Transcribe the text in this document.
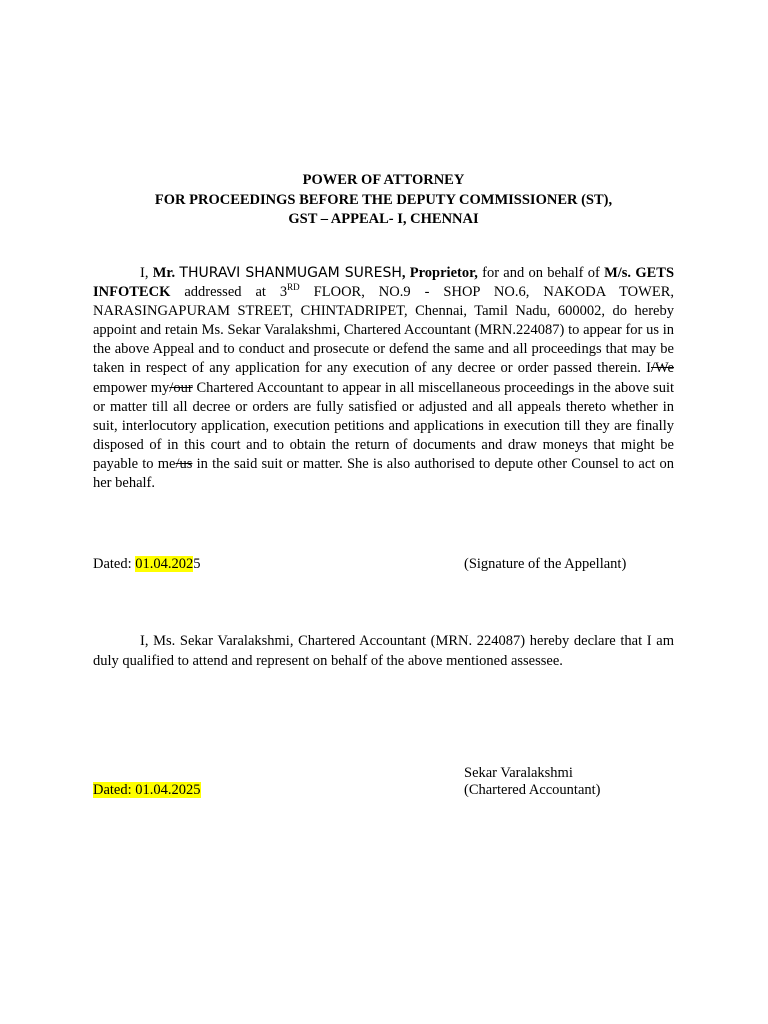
POWER OF ATTORNEY
FOR PROCEEDINGS BEFORE THE DEPUTY COMMISSIONER (ST),
GST – APPEAL- I, CHENNAI
I, Mr. THURAVI SHANMUGAM SURESH, Proprietor, for and on behalf of M/s. GETS INFOTECK addressed at 3RD FLOOR, NO.9 - SHOP NO.6, NAKODA TOWER, NARASINGAPURAM STREET, CHINTADRIPET, Chennai, Tamil Nadu, 600002, do hereby appoint and retain Ms. Sekar Varalakshmi, Chartered Accountant (MRN.224087) to appear for us in the above Appeal and to conduct and prosecute or defend the same and all proceedings that may be taken in respect of any application for any execution of any decree or order passed therein. I/We empower my/our Chartered Accountant to appear in all miscellaneous proceedings in the above suit or matter till all decree or orders are fully satisfied or adjusted and all appeals thereto whether in suit, interlocutory application, execution petitions and applications in execution till they are finally disposed of in this court and to obtain the return of documents and draw moneys that might be payable to me/us in the said suit or matter. She is also authorised to depute other Counsel to act on her behalf.
Dated: 01.04.2025	(Signature of the Appellant)
I, Ms. Sekar Varalakshmi, Chartered Accountant (MRN. 224087) hereby declare that I am duly qualified to attend and represent on behalf of the above mentioned assessee.
Sekar Varalakshmi
(Chartered Accountant)
Dated: 01.04.2025
